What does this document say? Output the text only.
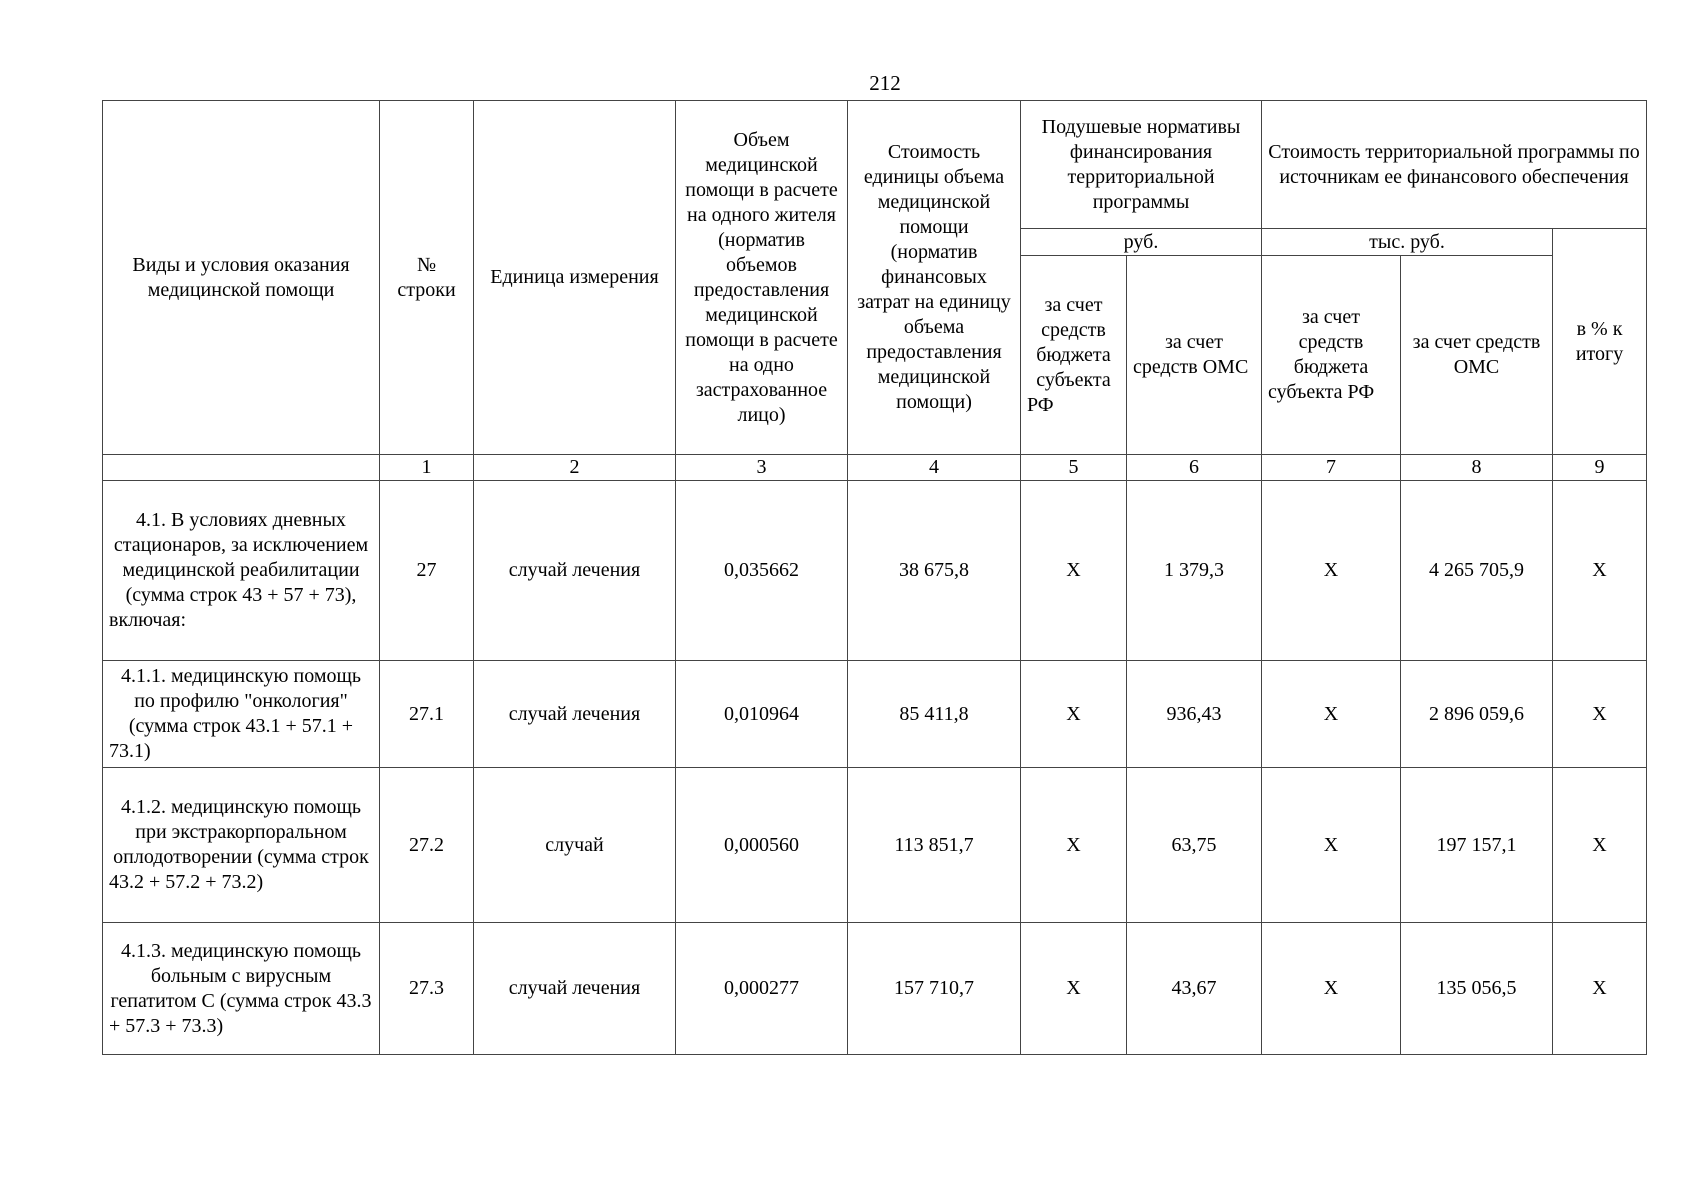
212
Виды и условия оказания медицинской помощи	№ строки	Единица измерения	Объем медицинской помощи в расчете на одного жителя (норматив объемов предоставления медицинской помощи в расчете на одно застрахованное лицо)	Стоимость единицы объема медицинской помощи (норматив финансовых затрат на единицу объема предоставления медицинской помощи)	Подушевые нормативы финансирования территориальной программы		Стоимость территориальной программы по источникам ее финансового обеспечения		
					руб.		тыс. руб.		в % к итогу
					за счет средств бюджета субъекта РФ	за счет средств ОМС	за счет средств бюджета субъекта РФ	за счет средств ОМС	
	1	2	3	4	5	6	7	8	9
4.1. В условиях дневных стационаров, за исключением медицинской реабилитации (сумма строк 43 + 57 + 73), включая:	27	случай лечения	0,035662	38 675,8	X	1 379,3	X	4 265 705,9	X
4.1.1. медицинскую помощь по профилю "онкология" (сумма строк 43.1 + 57.1 + 73.1)	27.1	случай лечения	0,010964	85 411,8	X	936,43	X	2 896 059,6	X
4.1.2. медицинскую помощь при экстракорпоральном оплодотворении (сумма строк 43.2 + 57.2 + 73.2)	27.2	случай	0,000560	113 851,7	X	63,75	X	197 157,1	X
4.1.3. медицинскую помощь больным с вирусным гепатитом С (сумма строк 43.3 + 57.3 + 73.3)	27.3	случай лечения	0,000277	157 710,7	X	43,67	X	135 056,5	X
